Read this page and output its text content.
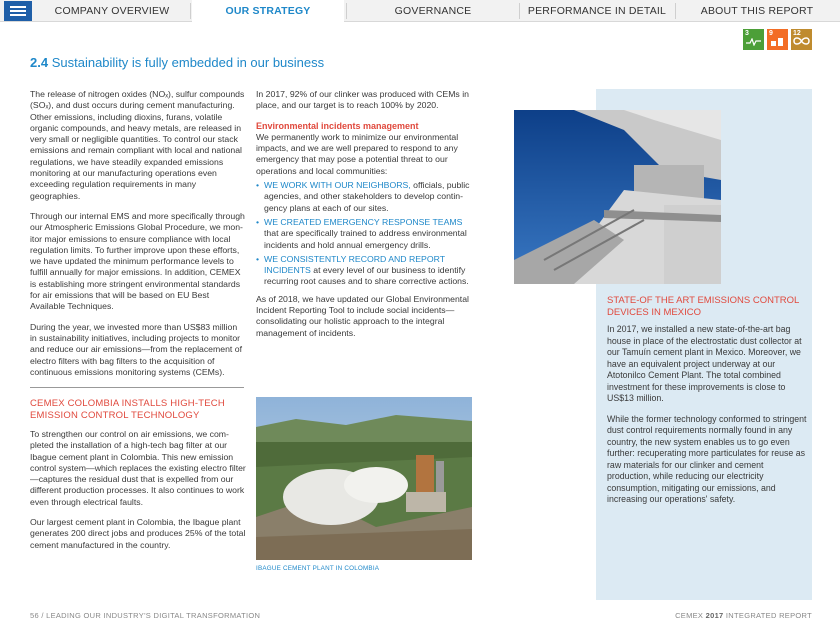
COMPANY OVERVIEW	OUR STRATEGY	GOVERNANCE	PERFORMANCE IN DETAIL	ABOUT THIS REPORT
3	9	12
2.4 Sustainability is fully embedded in our business

The release of nitrogen oxides (NOₓ), sulfur compounds (SOₓ), and dust occurs during cement manufacturing. Other emissions, including dioxins, furans, volatile organic compounds, and heavy metals, are released in very small or negligible quantities. To control our stack emissions and remain compliant with local and national regulations, we have steadily expanded emissions monitoring at our manufacturing operations even exceeding regulation requirements in many geographies.

Through our internal EMS and more specifically through our Atmospheric Emissions Global Procedure, we monitor major emissions to ensure compliance with local regulation limits. To further improve upon these efforts, we have updated the minimum performance levels to fulfill annually for major emissions. In addition, CEMEX is establishing more stringent environmental standards for air emissions that will be based on EU Best Available Techniques.

During the year, we invested more than US$83 million in sustainability initiatives, including projects to monitor and reduce our air emissions—from the replacement of electro filters with bag filters to the acquisition of continuous emissions monitoring systems (CEMs).

In 2017, 92% of our clinker was produced with CEMs in place, and our target is to reach 100% by 2020.

Environmental incidents management

We permanently work to minimize our environmental impacts, and we are well prepared to respond to any emergency that may pose a potential threat to our operations and local communities:

• WE WORK WITH OUR NEIGHBORS, officials, public agencies, and other stakeholders to develop contingency plans at each of our sites.
• WE CREATED EMERGENCY RESPONSE TEAMS that are specifically trained to address environmental incidents and hold annual emergency drills.
• WE CONSISTENTLY RECORD AND REPORT INCIDENTS at every level of our business to identify recurring root causes and to share corrective actions.

As of 2018, we have updated our Global Environmental Incident Reporting Tool to include social incidents—consolidating our holistic approach to the integral management of incidents.

CEMEX COLOMBIA INSTALLS HIGH-TECH EMISSION CONTROL TECHNOLOGY

To strengthen our control on air emissions, we completed the installation of a high-tech bag filter at our Ibague cement plant in Colombia. This new emission control system—which replaces the existing electro filter—captures the residual dust that is expelled from our different production processes. It also continues to work even through electrical faults.

Our largest cement plant in Colombia, the Ibague plant generates 200 direct jobs and produces 25% of the total cement manufactured in the country.

IBAGUE CEMENT PLANT IN COLOMBIA
STATE-OF THE ART EMISSIONS CONTROL DEVICES IN MEXICO

In 2017, we installed a new state-of-the-art bag house in place of the electrostatic dust collector at our Tamuín cement plant in Mexico. Moreover, we have an equivalent project underway at our Atotonilco Cement Plant. The total combined investment for these improvements is close to US$13 million.

While the former technology conformed to stringent dust control requirements normally found in any country, the new system enables us to go even further: recuperating more particulates for reuse as raw materials for our clinker and cement production, while reducing our electricity consumption, mitigating our emissions, and increasing our operations' safety.

56 / LEADING OUR INDUSTRY'S DIGITAL TRANSFORMATION	CEMEX 2017 INTEGRATED REPORT
